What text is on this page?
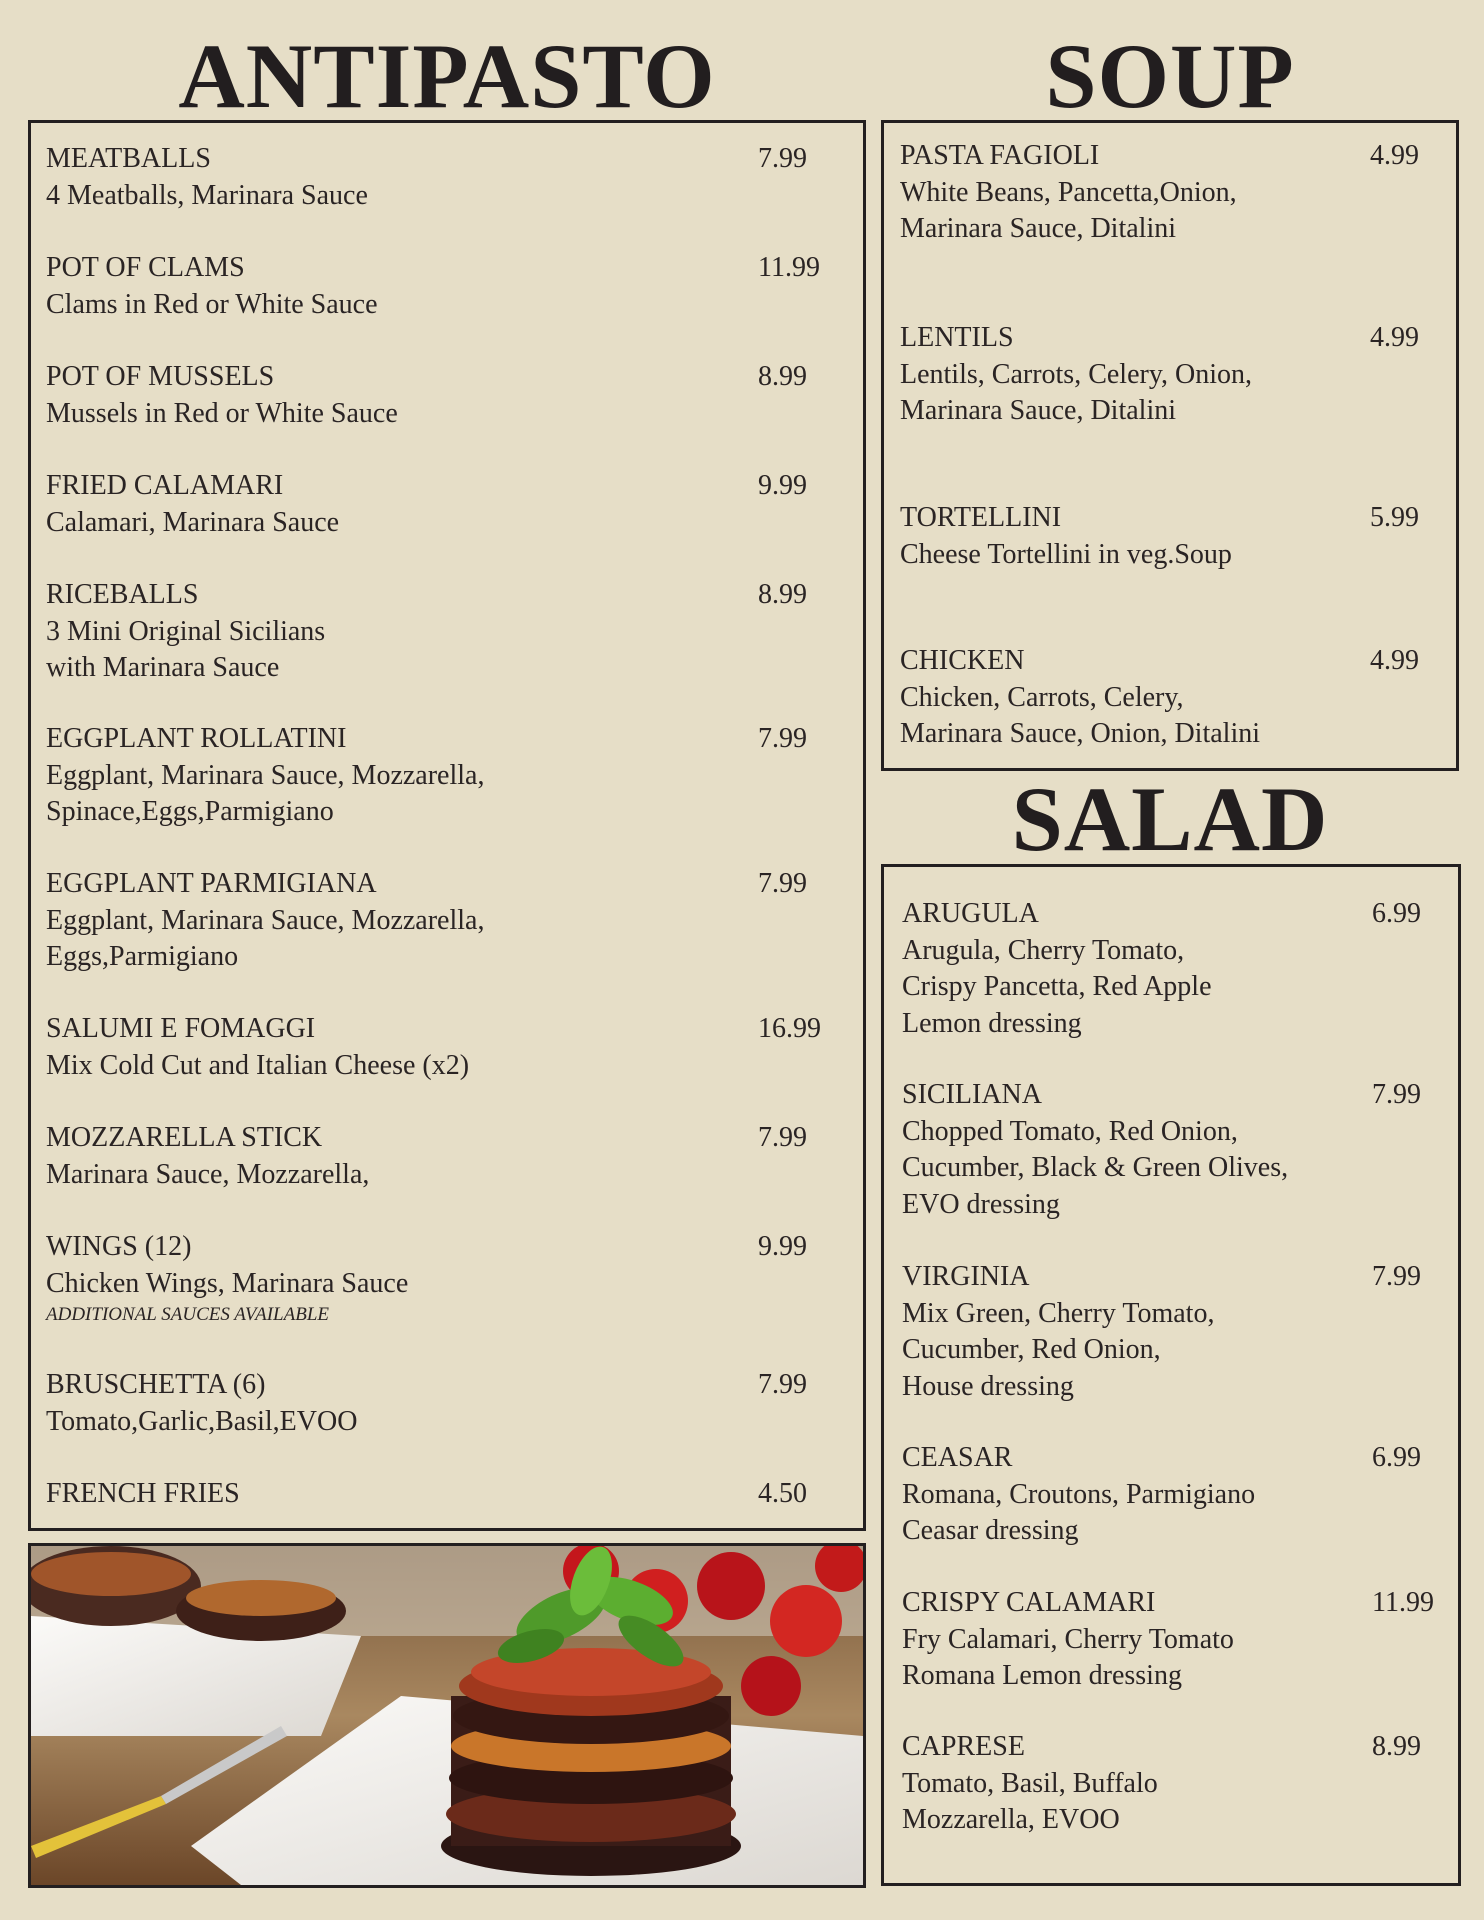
ANTIPASTO	SOUP
SALAD
MEATBALLS
4 Meatballs, Marinara Sauce
7.99
POT OF CLAMS
Clams in Red or White Sauce
11.99
POT OF MUSSELS
Mussels in Red or White Sauce
8.99
FRIED CALAMARI
Calamari, Marinara Sauce
9.99
RICEBALLS
3 Mini Original Sicilians
with Marinara Sauce
8.99
EGGPLANT ROLLATINI
Eggplant, Marinara Sauce, Mozzarella,
Spinace,Eggs,Parmigiano
7.99
EGGPLANT PARMIGIANA
Eggplant, Marinara Sauce, Mozzarella,
Eggs,Parmigiano
7.99
SALUMI E FOMAGGI
Mix Cold Cut and Italian Cheese (x2)
16.99
MOZZARELLA STICK
Marinara Sauce, Mozzarella,
7.99
WINGS (12)
Chicken Wings, Marinara Sauce
ADDITIONAL SAUCES AVAILABLE
9.99
BRUSCHETTA (6)
Tomato,Garlic,Basil,EVOO
7.99
FRENCH FRIES	4.50
PASTA FAGIOLI
White Beans, Pancetta,Onion,
Marinara Sauce, Ditalini
4.99
LENTILS
Lentils, Carrots, Celery, Onion,
Marinara Sauce, Ditalini
4.99
TORTELLINI
Cheese Tortellini in veg.Soup
5.99
CHICKEN
Chicken, Carrots, Celery,
Marinara Sauce, Onion, Ditalini
4.99
ARUGULA
Arugula, Cherry Tomato,
Crispy Pancetta, Red Apple
Lemon dressing
6.99
SICILIANA
Chopped Tomato, Red Onion,
Cucumber, Black & Green Olives,
EVO dressing
7.99
VIRGINIA
Mix Green, Cherry Tomato,
Cucumber, Red Onion,
House dressing
7.99
CEASAR
Romana, Croutons, Parmigiano
Ceasar dressing
6.99
CRISPY CALAMARI
Fry Calamari, Cherry Tomato
Romana Lemon dressing
11.99
CAPRESE
Tomato, Basil, Buffalo
Mozzarella, EVOO
8.99
